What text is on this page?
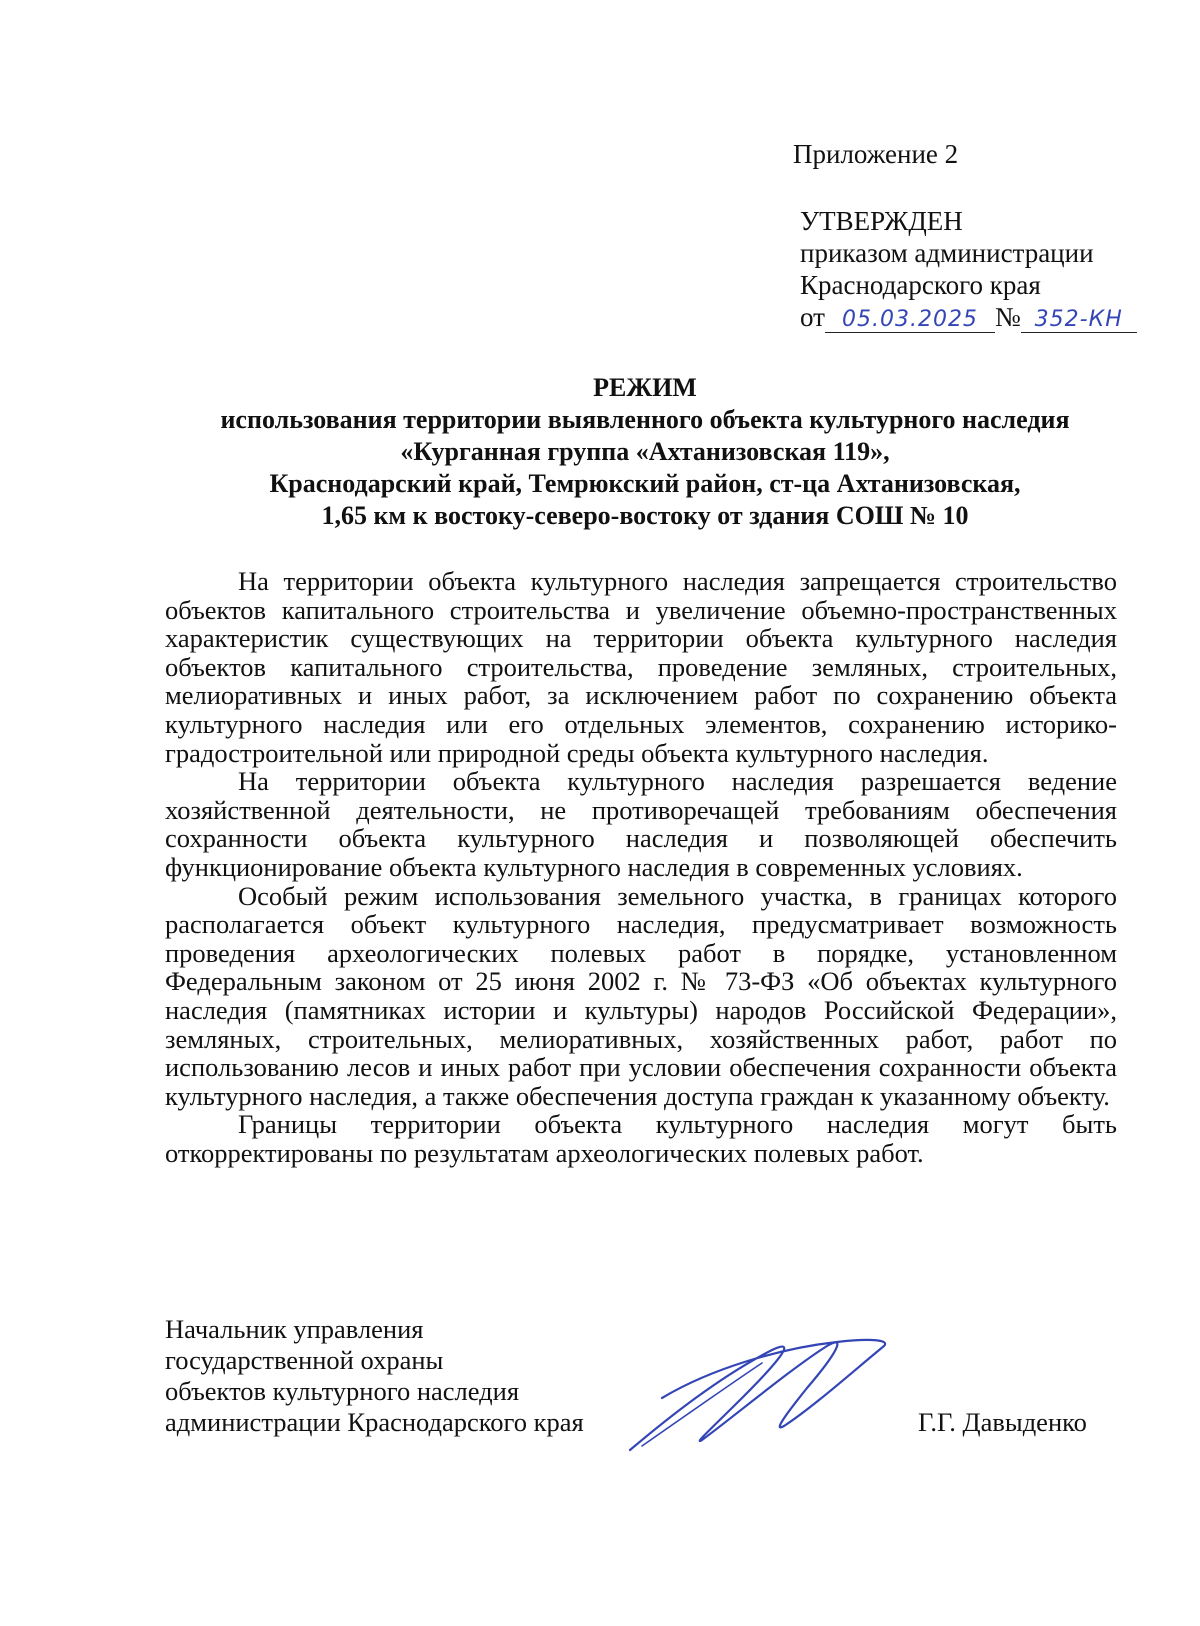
Приложение 2
УТВЕРЖДЕН
приказом администрации
Краснодарского края
от 05.03.2025 № 352-КН
РЕЖИМ
использования территории выявленного объекта культурного наследия
«Курганная группа «Ахтанизовская 119»,
Краснодарский край, Темрюкский район, ст-ца Ахтанизовская,
1,65 км к востоку-северо-востоку от здания СОШ № 10

На территории объекта культурного наследия запрещается строительство объектов капитального строительства и увеличение объемно-пространственных характеристик существующих на территории объекта культурного наследия объектов капитального строительства, проведение земляных, строительных, мелиоративных и иных работ, за исключением работ по сохранению объекта культурного наследия или его отдельных элементов, сохранению историко-градостроительной или природной среды объекта культурного наследия.

На территории объекта культурного наследия разрешается ведение хозяйственной деятельности, не противоречащей требованиям обеспечения сохранности объекта культурного наследия и позволяющей обеспечить функционирование объекта культурного наследия в современных условиях.

Особый режим использования земельного участка, в границах которого располагается объект культурного наследия, предусматривает возможность проведения археологических полевых работ в порядке, установленном Федеральным законом от 25 июня 2002 г. № 73-ФЗ «Об объектах культурного наследия (памятниках истории и культуры) народов Российской Федерации», земляных, строительных, мелиоративных, хозяйственных работ, работ по использованию лесов и иных работ при условии обеспечения сохранности объекта культурного наследия, а также обеспечения доступа граждан к указанному объекту.

Границы территории объекта культурного наследия могут быть откорректированы по результатам археологических полевых работ.

Начальник управления
государственной охраны
объектов культурного наследия
администрации Краснодарского края	Г.Г. Давыденко
